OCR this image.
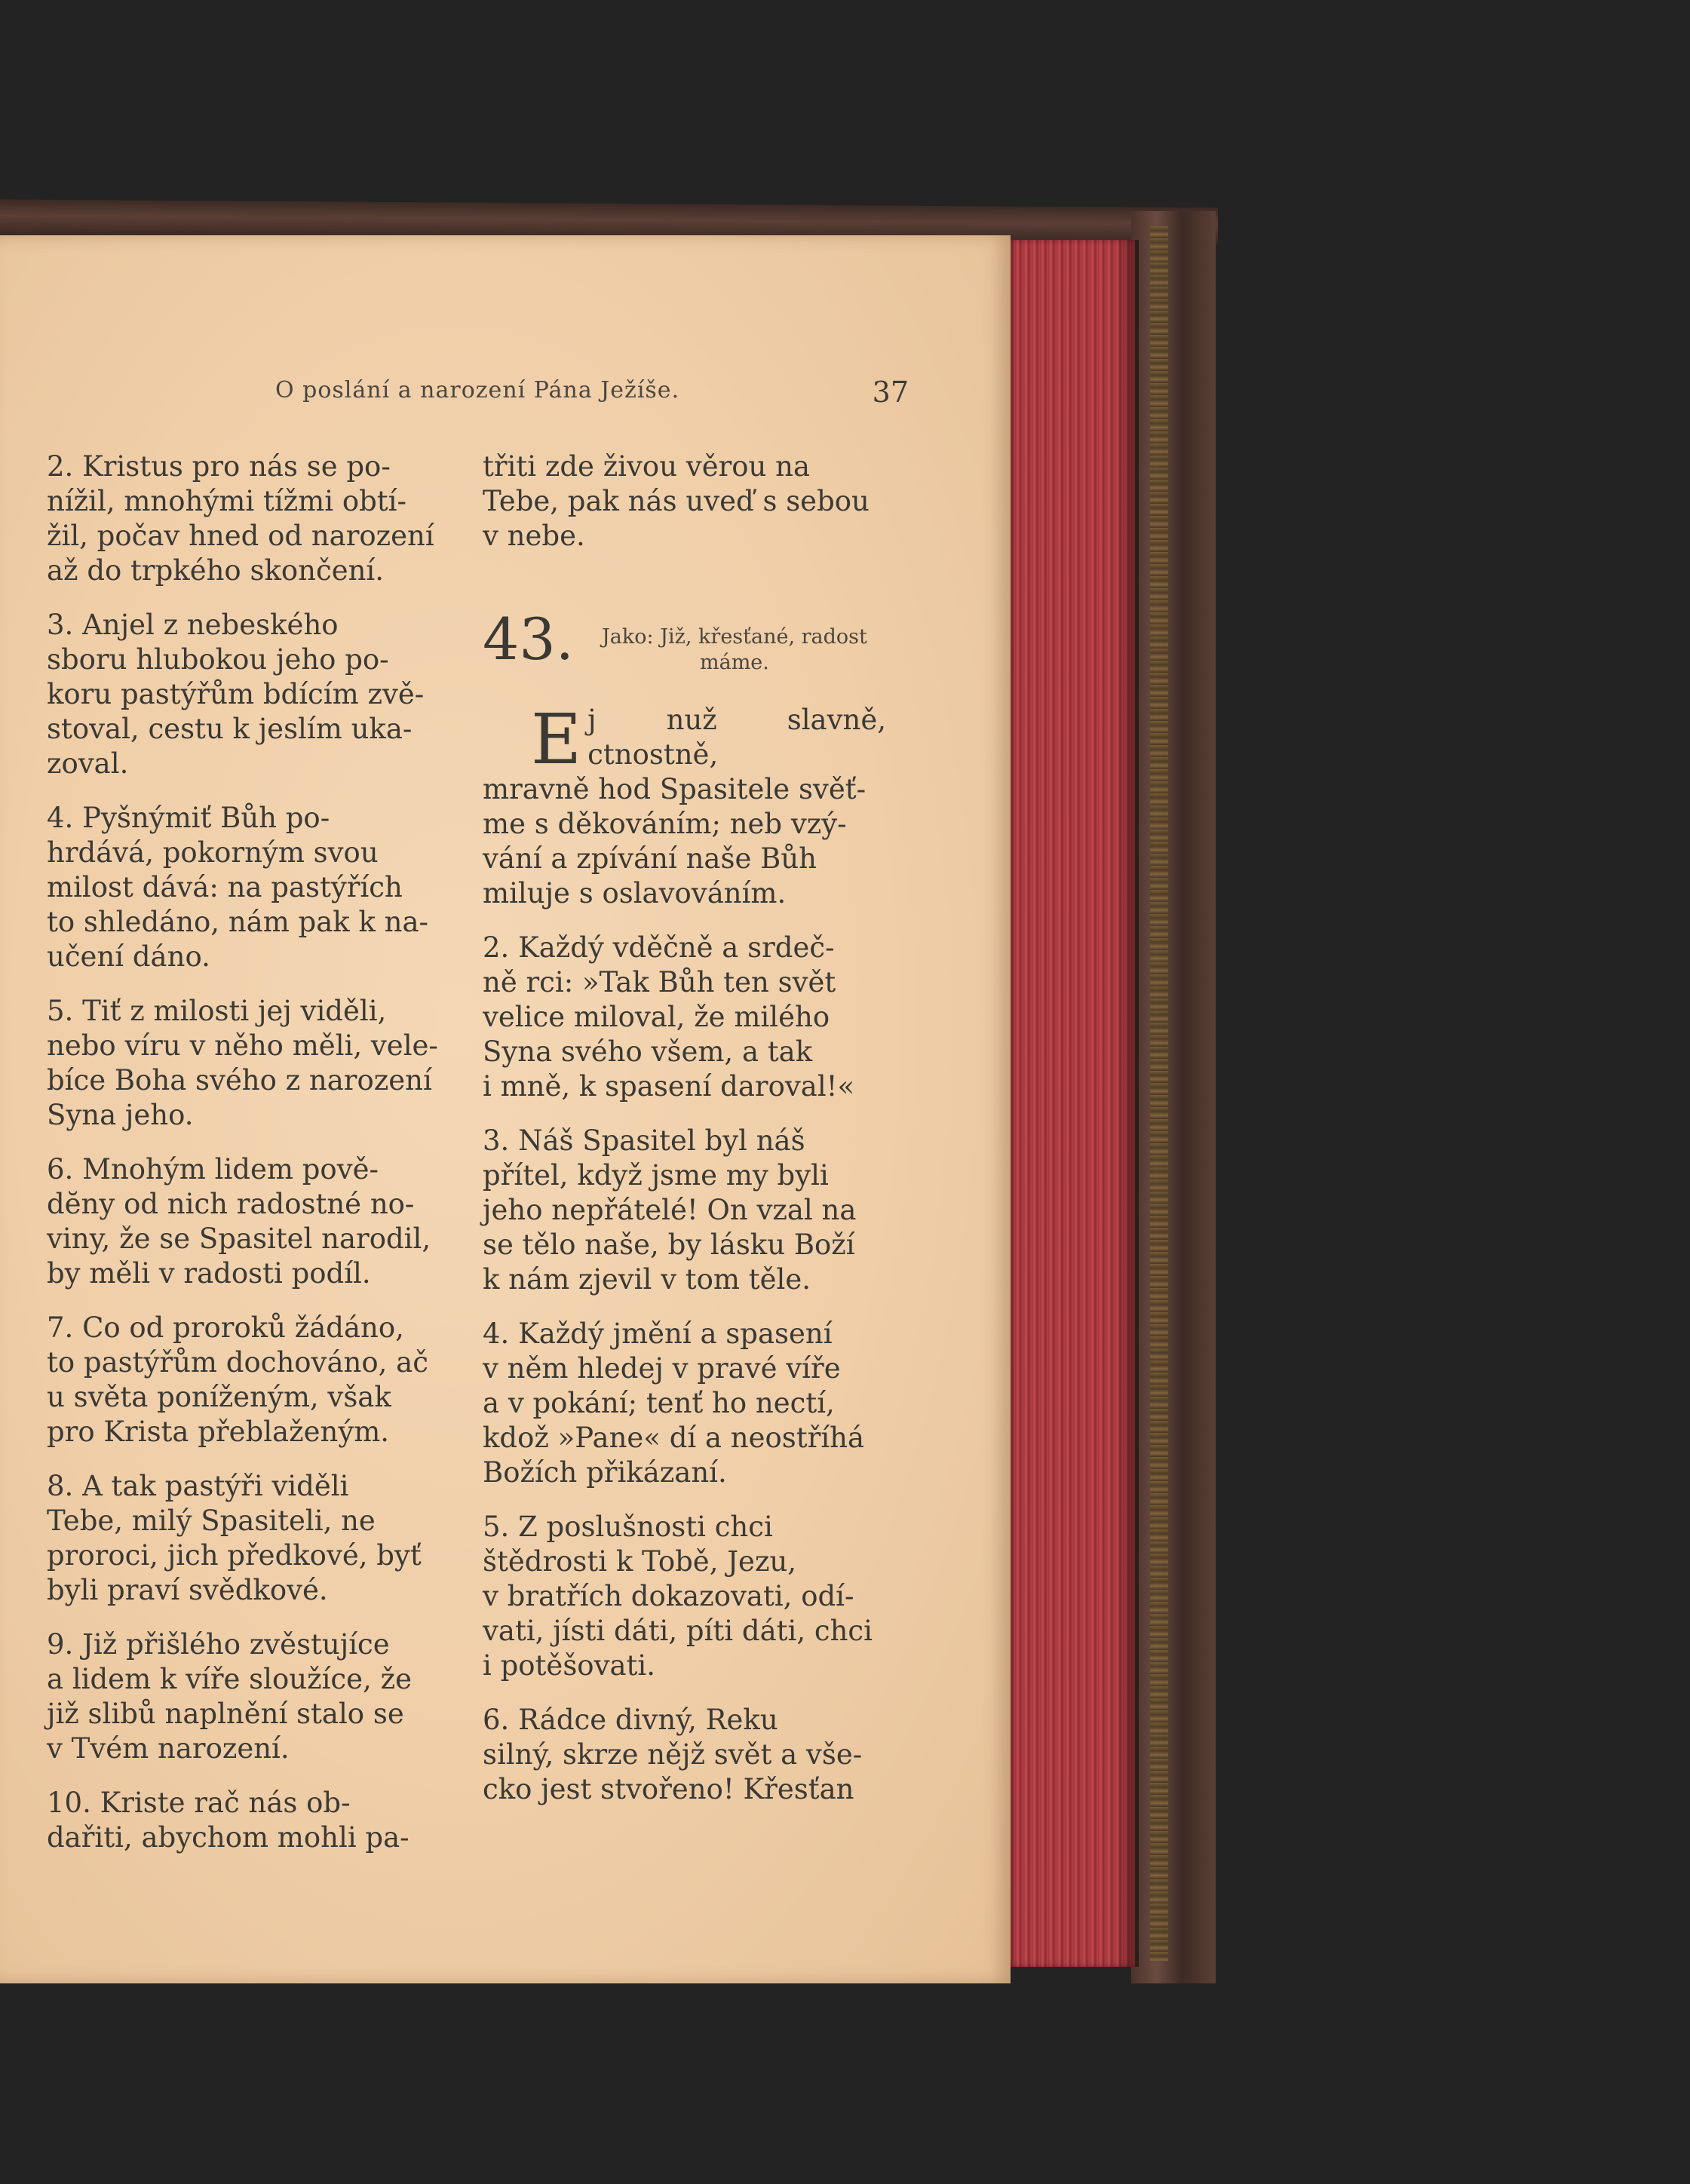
O poslání a narození Pána Ježíše.	37

2. Kristus pro nás se po-
nížil, mnohými tížmi obtí-
žil, počav hned od narození
až do trpkého skončení.

3. Anjel z nebeského
sboru hlubokou jeho po-
koru pastýřům bdícím zvě-
stoval, cestu k jeslím uka-
zoval.

4. Pyšnýmiť Bůh po-
hrdává, pokorným svou
milost dává: na pastýřích
to shledáno, nám pak k na-
učení dáno.

5. Tiť z milosti jej viděli,
nebo víru v něho měli, vele-
bíce Boha svého z narození
Syna jeho.

6. Mnohým lidem pově-
dĕny od nich radostné no-
viny, že se Spasitel narodil,
by měli v radosti podíl.

7. Co od proroků žádáno,
to pastýřům dochováno, ač
u světa poníženým, však
pro Krista přeblaženým.

8. A tak pastýři viděli
Tebe, milý Spasiteli, ne
proroci, jich předkové, byť
byli praví svědkové.

9. Již přišlého zvěstujíce
a lidem k víře sloužíce, že
již slibů naplnění stalo se
v Tvém narození.

10. Kriste rač nás ob-
dařiti, abychom mohli pa-

třiti zde živou věrou na
Tebe, pak nás uveď s sebou
v nebe.

43.	Jako: Již, křesťané, radost
máme.

Ej nuž slavně, ctnostně,
mravně hod Spasitele svěť-
me s děkováním; neb vzý-
vání a zpívání naše Bůh
miluje s oslavováním.

2. Každý vděčně a srdeč-
ně rci: »Tak Bůh ten svět
velice miloval, že milého
Syna svého všem, a tak
i mně, k spasení daroval!«

3. Náš Spasitel byl náš
přítel, když jsme my byli
jeho nepřátelé! On vzal na
se tělo naše, by lásku Boží
k nám zjevil v tom těle.

4. Každý jmění a spasení
v něm hledej v pravé víře
a v pokání; tenť ho nectí,
kdož »Pane« dí a neostříhá
Božích přikázaní.

5. Z poslušnosti chci
štědrosti k Tobě, Jezu,
v bratřích dokazovati, odí-
vati, jísti dáti, píti dáti, chci
i potěšovati.

6. Rádce divný, Reku
silný, skrze nějž svět a vše-
cko jest stvořeno! Křesťan
